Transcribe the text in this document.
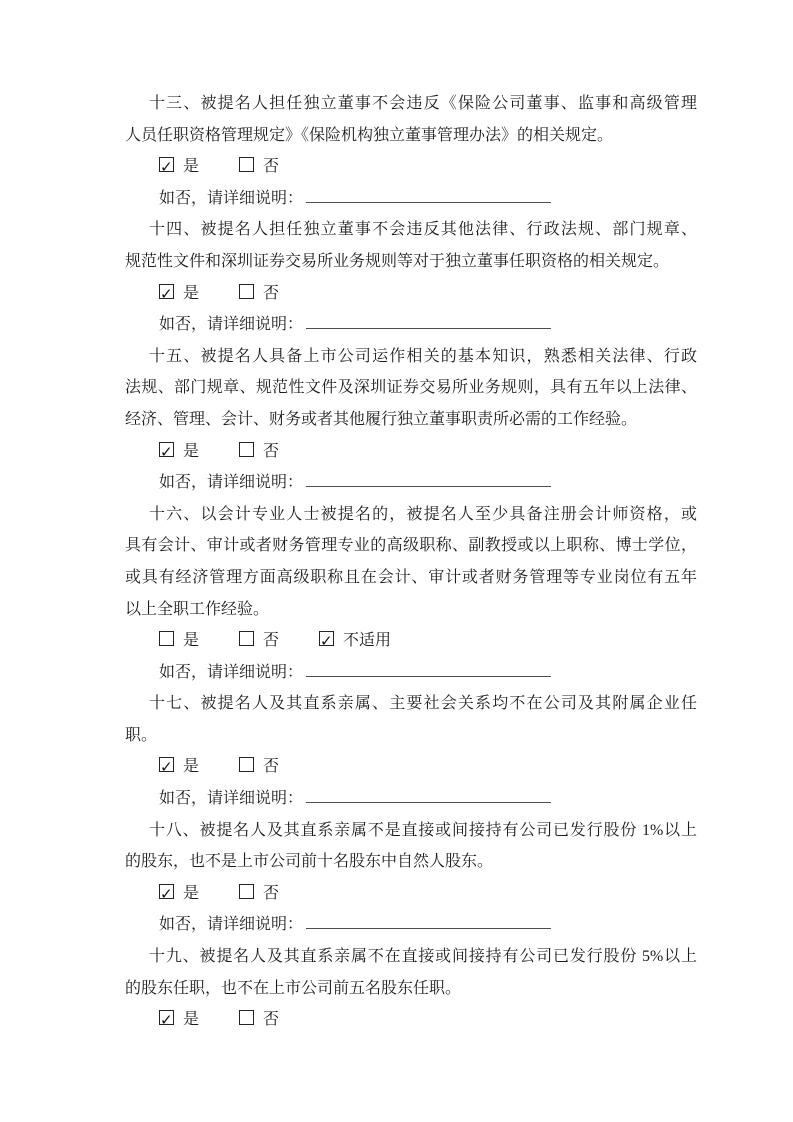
十三、被提名人担任独立董事不会违反《保险公司董事、监事和高级管理
人员任职资格管理规定》《保险机构独立董事管理办法》的相关规定。
✓是	否
如否，请详细说明：
十四、被提名人担任独立董事不会违反其他法律、行政法规、部门规章、
规范性文件和深圳证券交易所业务规则等对于独立董事任职资格的相关规定。
✓是	否
如否，请详细说明：
十五、被提名人具备上市公司运作相关的基本知识，熟悉相关法律、行政
法规、部门规章、规范性文件及深圳证券交易所业务规则，具有五年以上法律、
经济、管理、会计、财务或者其他履行独立董事职责所必需的工作经验。
✓是	否
如否，请详细说明：
十六、以会计专业人士被提名的，被提名人至少具备注册会计师资格，或
具有会计、审计或者财务管理专业的高级职称、副教授或以上职称、博士学位，
或具有经济管理方面高级职称且在会计、审计或者财务管理等专业岗位有五年
以上全职工作经验。
是	否 ✓	不适用
如否，请详细说明：
十七、被提名人及其直系亲属、主要社会关系均不在公司及其附属企业任
职。
✓是	否
如否，请详细说明：
十八、被提名人及其直系亲属不是直接或间接持有公司已发行股份 1%以上
的股东，也不是上市公司前十名股东中自然人股东。
✓是	否
如否，请详细说明：
十九、被提名人及其直系亲属不在直接或间接持有公司已发行股份 5%以上
的股东任职，也不在上市公司前五名股东任职。
✓是	否
